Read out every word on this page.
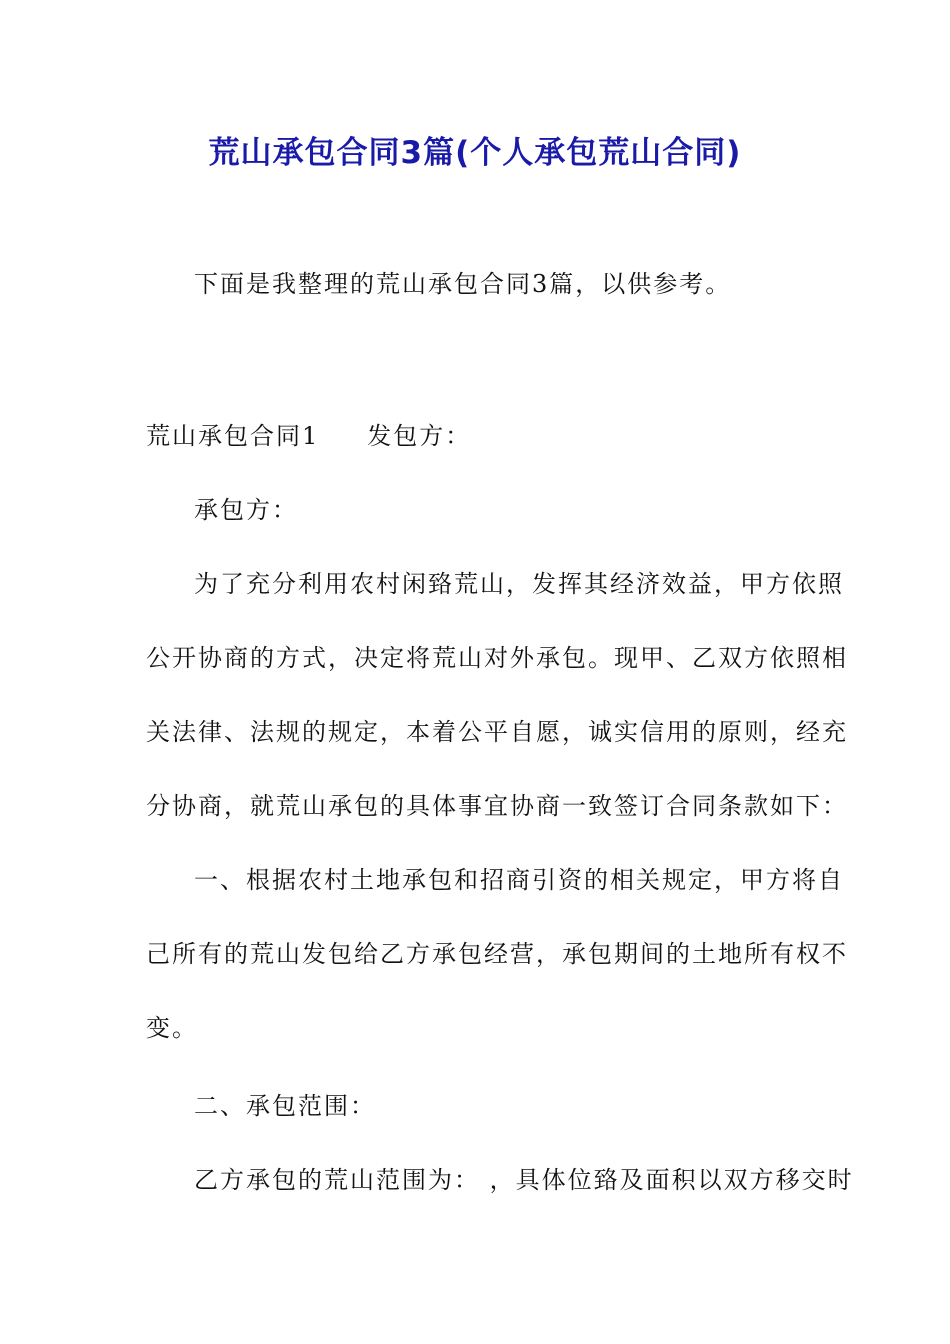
荒山承包合同3篇(个人承包荒山合同)
下面是我整理的荒山承包合同3篇，以供参考。
荒山承包合同1 发包方：
承包方：
为了充分利用农村闲臵荒山，发挥其经济效益，甲方依照
公开协商的方式，决定将荒山对外承包。现甲、乙双方依照相
关法律、法规的规定，本着公平自愿，诚实信用的原则，经充
分协商，就荒山承包的具体事宜协商一致签订合同条款如下：
一、根据农村土地承包和招商引资的相关规定，甲方将自
己所有的荒山发包给乙方承包经营，承包期间的土地所有权不
变。
二、承包范围：
乙方承包的荒山范围为： ，具体位臵及面积以双方移交时
